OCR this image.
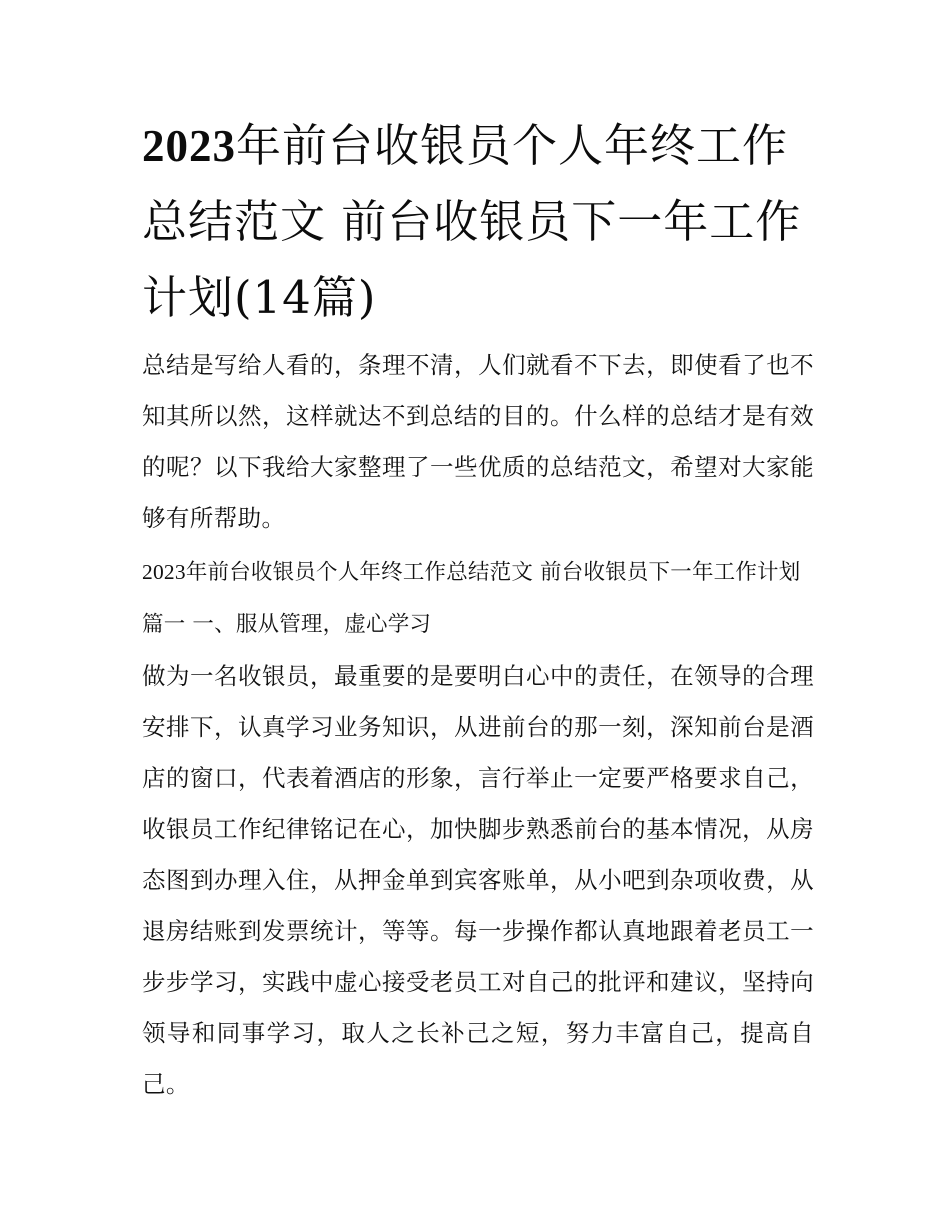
2023年前台收银员个人年终工作总结范文 前台收银员下一年工作计划(14篇)

总结是写给人看的，条理不清，人们就看不下去，即使看了也不知其所以然，这样就达不到总结的目的。什么样的总结才是有效的呢？以下我给大家整理了一些优质的总结范文，希望对大家能够有所帮助。

2023年前台收银员个人年终工作总结范文 前台收银员下一年工作计划篇一 一、服从管理，虚心学习

做为一名收银员，最重要的是要明白心中的责任，在领导的合理安排下，认真学习业务知识，从进前台的那一刻，深知前台是酒店的窗口，代表着酒店的形象，言行举止一定要严格要求自己，收银员工作纪律铭记在心，加快脚步熟悉前台的基本情况，从房态图到办理入住，从押金单到宾客账单，从小吧到杂项收费，从退房结账到发票统计，等等。每一步操作都认真地跟着老员工一步步学习，实践中虚心接受老员工对自己的批评和建议，坚持向领导和同事学习，取人之长补己之短，努力丰富自己，提高自己。
